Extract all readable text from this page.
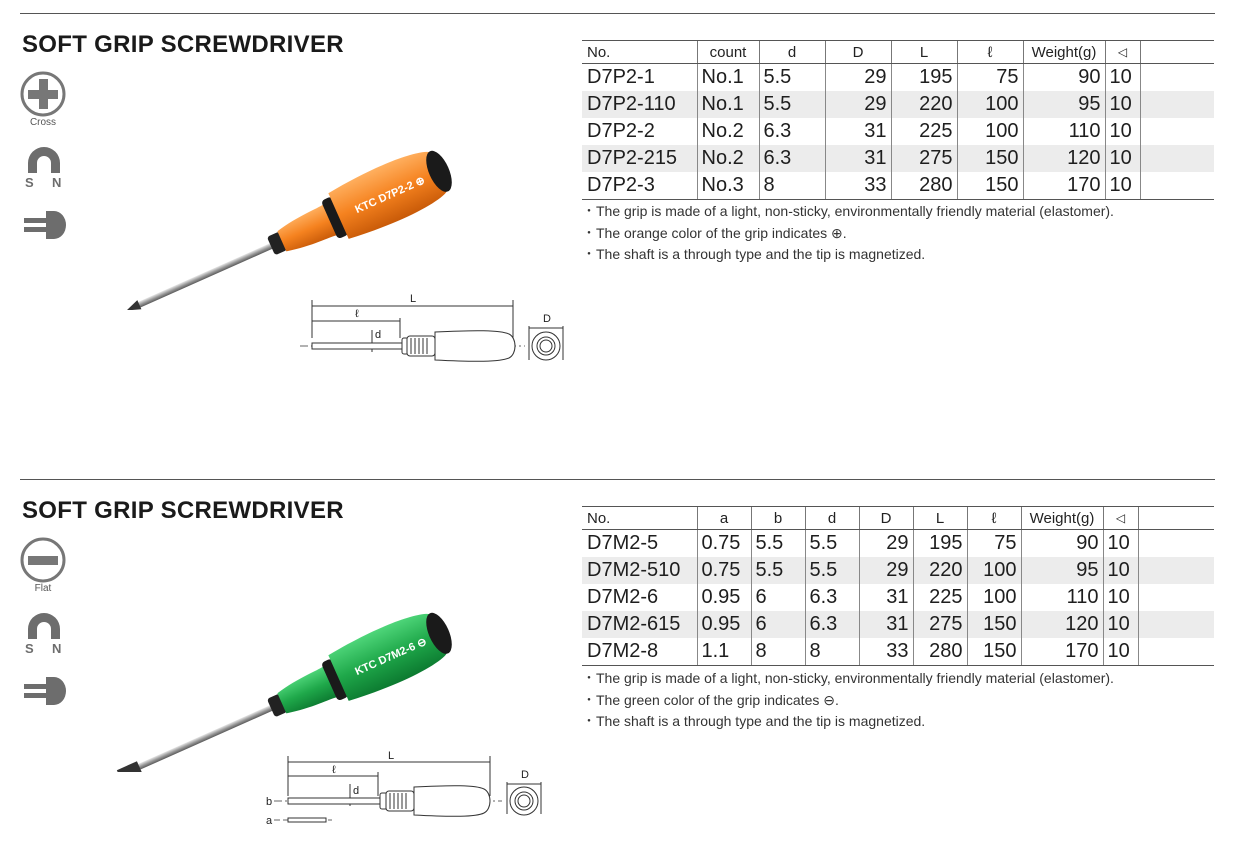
SOFT GRIP SCREWDRIVER
Cross
S N	KTC D7P2-2 ⊕
L
ℓ
d
D
No.	count	d	D	L	ℓ	Weight(g)	◁	
D7P2-1	No.1	5.5	29	195	75	90	10	
D7P2-110	No.1	5.5	29	220	100	95	10	
D7P2-2	No.2	6.3	31	225	100	110	10	
D7P2-215	No.2	6.3	31	275	150	120	10	
D7P2-3	No.3	8	33	280	150	170	10	
・The grip is made of a light, non-sticky, environmentally friendly material (elastomer).
・The orange color of the grip indicates ⊕.
・The shaft is a through type and the tip is magnetized.
SOFT GRIP SCREWDRIVER
Flat
S N	KTC D7M2-6 ⊖
L
ℓ
d
b
D
a
No.	a	b	d	D	L	ℓ	Weight(g)	◁	
D7M2-5	0.75	5.5	5.5	29	195	75	90	10	
D7M2-510	0.75	5.5	5.5	29	220	100	95	10	
D7M2-6	0.95	6	6.3	31	225	100	110	10	
D7M2-615	0.95	6	6.3	31	275	150	120	10	
D7M2-8	1.1	8	8	33	280	150	170	10	
・The grip is made of a light, non-sticky, environmentally friendly material (elastomer).
・The green color of the grip indicates ⊖.
・The shaft is a through type and the tip is magnetized.
